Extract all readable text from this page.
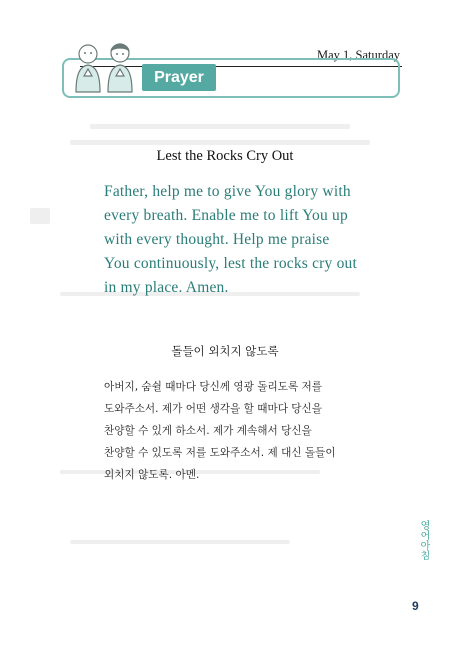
May 1, Saturday
Prayer
Lest the Rocks Cry Out
Father, help me to give You glory with
every breath. Enable me to lift You up
with every thought. Help me praise
You continuously, lest the rocks cry out
in my place. Amen.
돌들이 외치지 않도록
아버지, 숨쉴 때마다 당신께 영광 돌리도록 저를
도와주소서. 제가 어떤 생각을 할 때마다 당신을
찬양할 수 있게 하소서. 제가 계속해서 당신을
찬양할 수 있도록 저를 도와주소서. 제 대신 돌들이
외치지 않도록. 아멘.
영어아침
9
